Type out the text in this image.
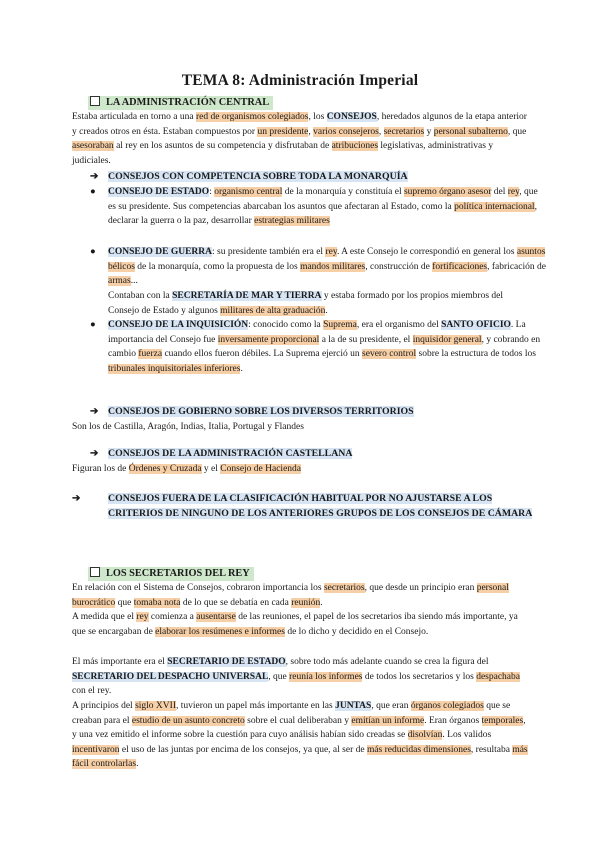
TEMA 8: Administración Imperial
LA ADMINISTRACIÓN CENTRAL
Estaba articulada en torno a una red de organismos colegiados, los CONSEJOS, heredados algunos de la etapa anterior y creados otros en ésta. Estaban compuestos por un presidente, varios consejeros, secretarios y personal subalterno, que asesoraban al rey en los asuntos de su competencia y disfrutaban de atribuciones legislativas, administrativas y judiciales.
➔ CONSEJOS CON COMPETENCIA SOBRE TODA LA MONARQUÍA
● CONSEJO DE ESTADO: organismo central de la monarquía y constituía el supremo órgano asesor del rey, que es su presidente. Sus competencias abarcaban los asuntos que afectaran al Estado, como la política internacional, declarar la guerra o la paz, desarrollar estrategias militares
● CONSEJO DE GUERRA: su presidente también era el rey. A este Consejo le correspondió en general los asuntos bélicos de la monarquía, como la propuesta de los mandos militares, construcción de fortificaciones, fabricación de armas...
Contaban con la SECRETARÍA DE MAR Y TIERRA y estaba formado por los propios miembros del Consejo de Estado y algunos militares de alta graduación.
● CONSEJO DE LA INQUISICIÓN: conocido como la Suprema, era el organismo del SANTO OFICIO. La importancia del Consejo fue inversamente proporcional a la de su presidente, el inquisidor general, y cobrando en cambio fuerza cuando ellos fueron débiles. La Suprema ejerció un severo control sobre la estructura de todos los tribunales inquisitoriales inferiores.
➔ CONSEJOS DE GOBIERNO SOBRE LOS DIVERSOS TERRITORIOS
Son los de Castilla, Aragón, Indias, Italia, Portugal y Flandes
➔ CONSEJOS DE LA ADMINISTRACIÓN CASTELLANA
Figuran los de Órdenes y Cruzada y el Consejo de Hacienda
➔	CONSEJOS FUERA DE LA CLASIFICACIÓN HABITUAL POR NO AJUSTARSE A LOS CRITERIOS DE NINGUNO DE LOS ANTERIORES GRUPOS DE LOS CONSEJOS DE CÁMARA
LOS SECRETARIOS DEL REY
En relación con el Sistema de Consejos, cobraron importancia los secretarios, que desde un principio eran personal burocrático que tomaba nota de lo que se debatía en cada reunión.
A medida que el rey comienza a ausentarse de las reuniones, el papel de los secretarios iba siendo más importante, ya que se encargaban de elaborar los resúmenes e informes de lo dicho y decidido en el Consejo.
El más importante era el SECRETARIO DE ESTADO, sobre todo más adelante cuando se crea la figura del SECRETARIO DEL DESPACHO UNIVERSAL, que reunía los informes de todos los secretarios y los despachaba con el rey.
A principios del siglo XVII, tuvieron un papel más importante en las JUNTAS, que eran órganos colegiados que se creaban para el estudio de un asunto concreto sobre el cual deliberaban y emitían un informe. Eran órganos temporales, y una vez emitido el informe sobre la cuestión para cuyo análisis habían sido creadas se disolvían. Los validos incentivaron el uso de las juntas por encima de los consejos, ya que, al ser de más reducidas dimensiones, resultaba más fácil controlarlas.
